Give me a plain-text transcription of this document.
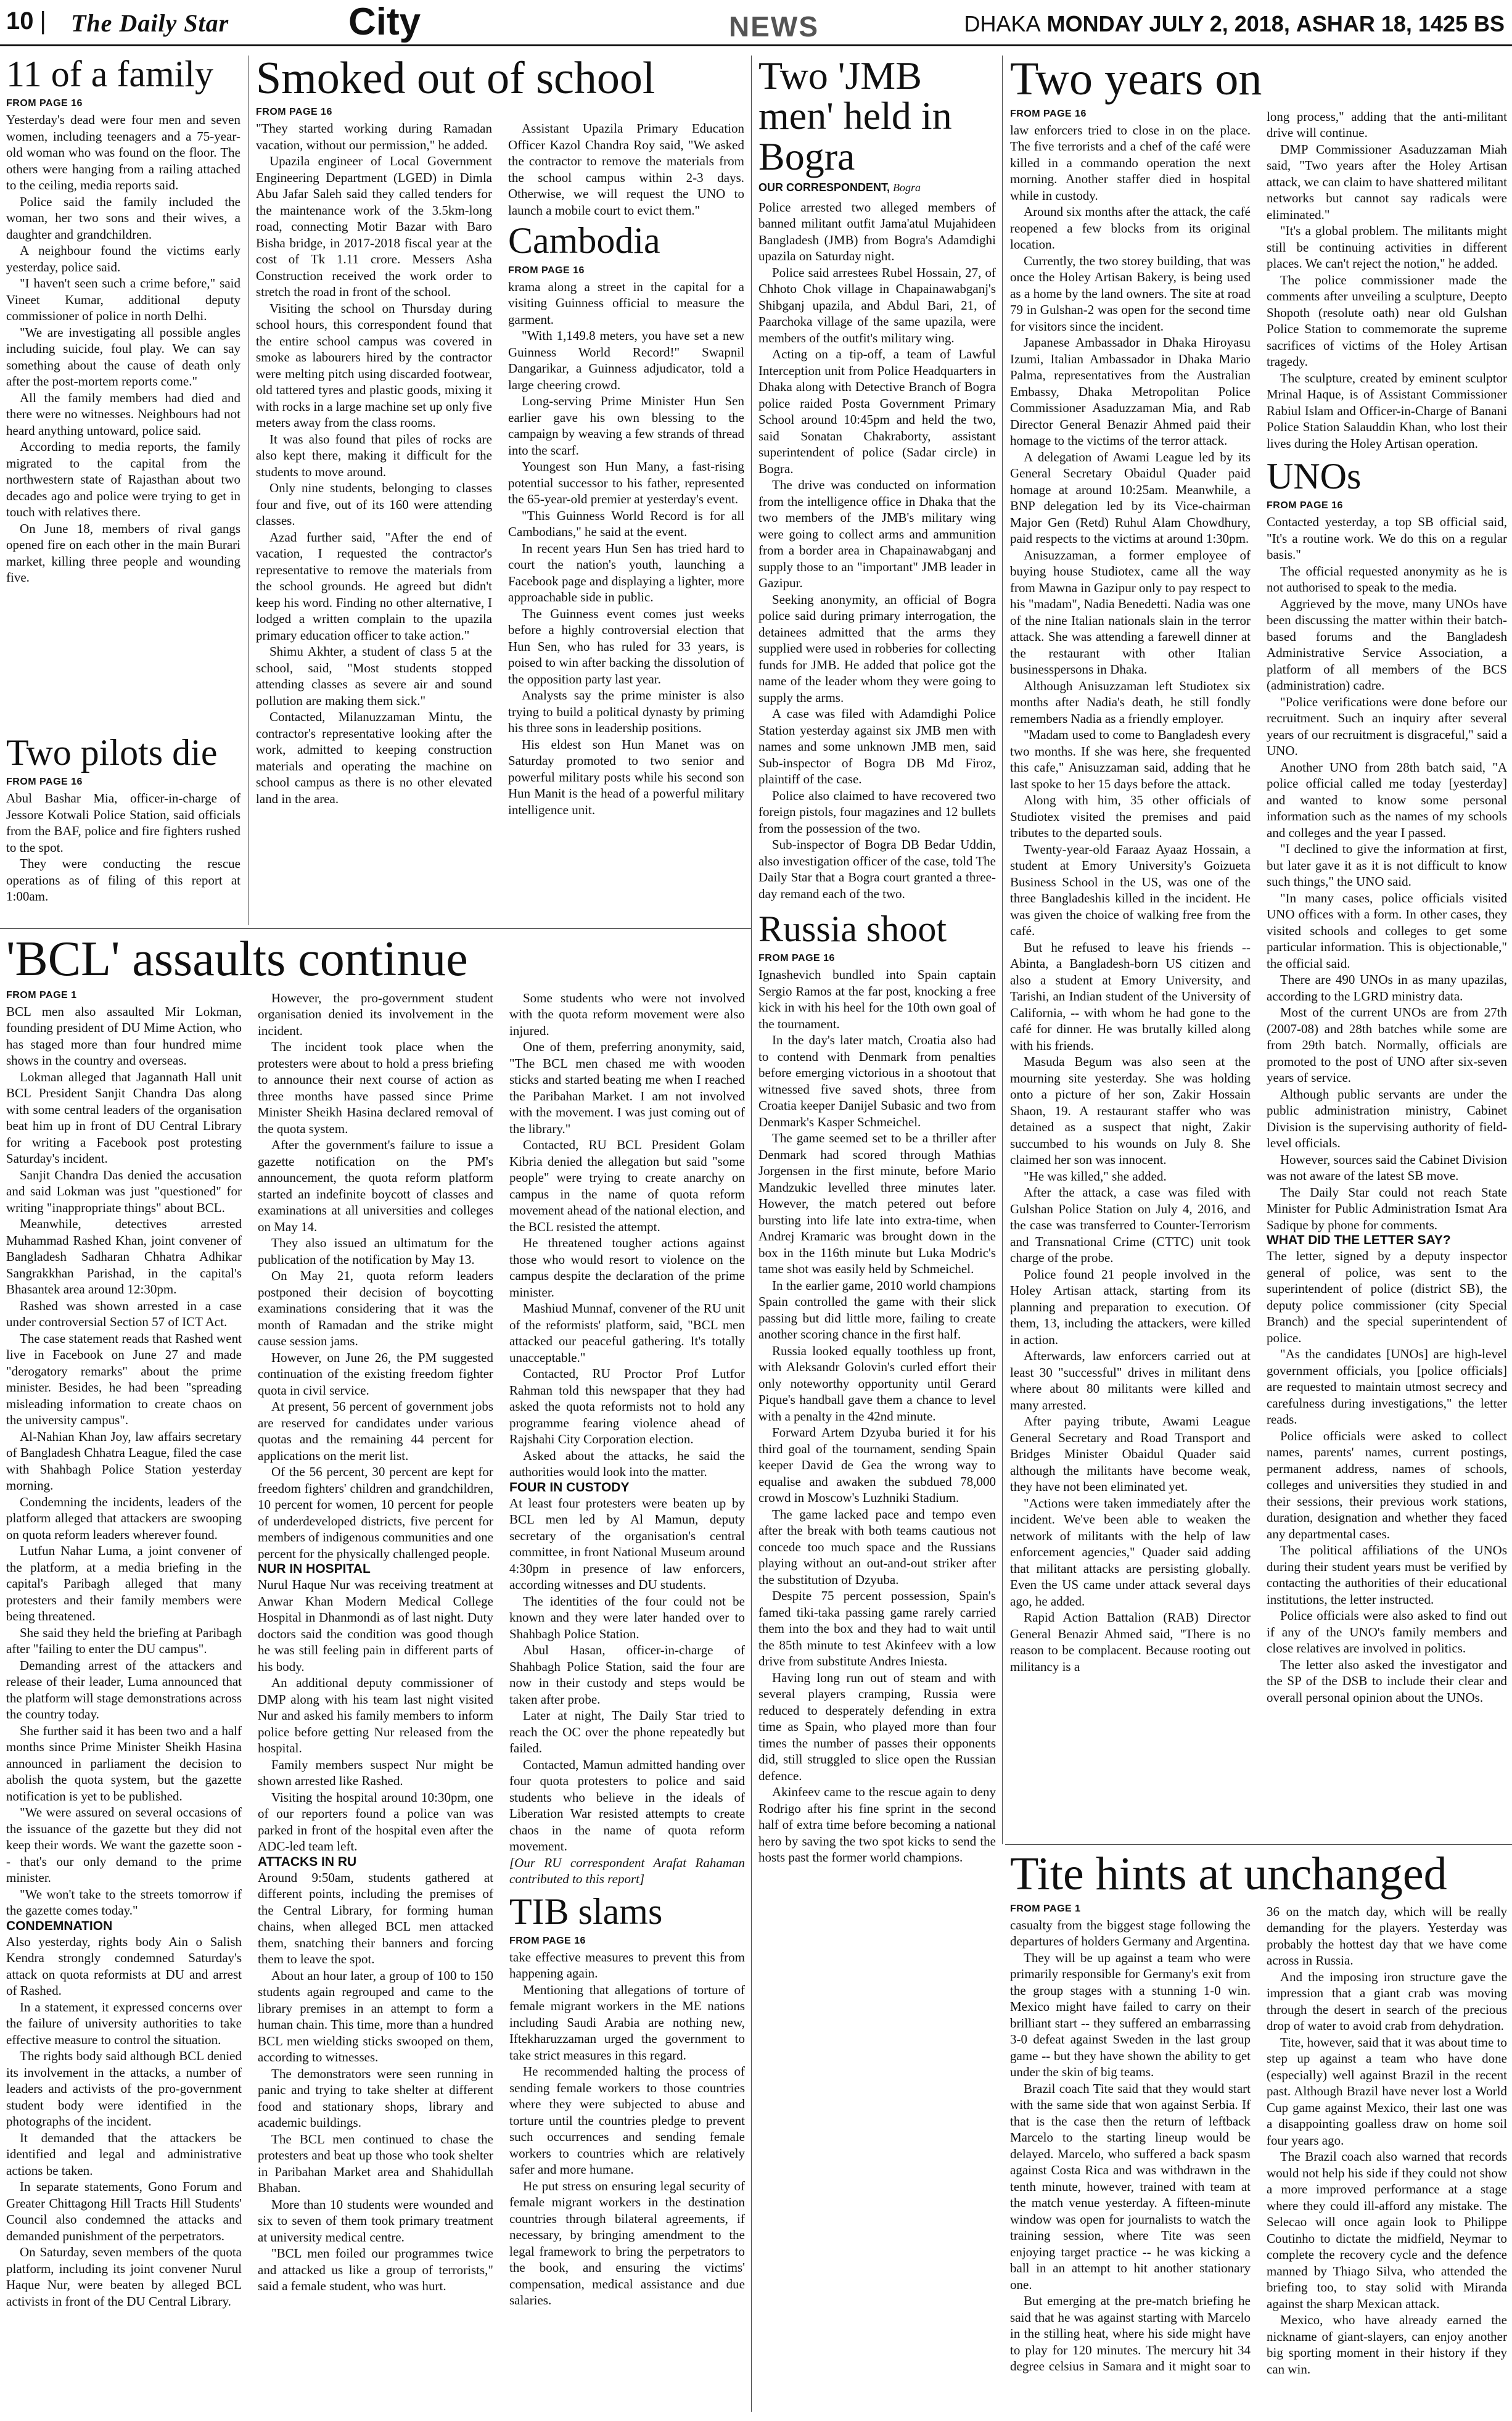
10 | The Daily Star	City	NEWS	DHAKA MONDAY JULY 2, 2018, ASHAR 18, 1425 BS
11 of a family
FROM PAGE 16

Yesterday's dead were four men and seven women, including teenagers and a 75-year-old woman who was found on the floor. The others were hanging from a railing attached to the ceiling, media reports said.

Police said the family included the woman, her two sons and their wives, a daughter and grandchildren.

A neighbour found the victims early yesterday, police said.

"I haven't seen such a crime before," said Vineet Kumar, additional deputy commissioner of police in north Delhi.

"We are investigating all possible angles including suicide, foul play. We can say something about the cause of death only after the post-mortem reports come."

All the family members had died and there were no witnesses. Neighbours had not heard anything untoward, police said.

According to media reports, the family migrated to the capital from the northwestern state of Rajasthan about two decades ago and police were trying to get in touch with relatives there.

On June 18, members of rival gangs opened fire on each other in the main Burari market, killing three people and wounding five.

Two pilots die
FROM PAGE 16

Abul Bashar Mia, officer-in-charge of Jessore Kotwali Police Station, said officials from the BAF, police and fire fighters rushed to the spot.

They were conducting the rescue operations as of filing of this report at 1:00am.

Smoked out of school
FROM PAGE 16

"They started working during Ramadan vacation, without our permission," he added.

Upazila engineer of Local Government Engineering Department (LGED) in Dimla Abu Jafar Saleh said they called tenders for the maintenance work of the 3.5km-long road, connecting Motir Bazar with Baro Bisha bridge, in 2017-2018 fiscal year at the cost of Tk 1.11 crore. Messers Asha Construction received the work order to stretch the road in front of the school.

Visiting the school on Thursday during school hours, this correspondent found that the entire school campus was covered in smoke as labourers hired by the contractor were melting pitch using discarded footwear, old tattered tyres and plastic goods, mixing it with rocks in a large machine set up only five meters away from the class rooms.

It was also found that piles of rocks are also kept there, making it difficult for the students to move around.

Only nine students, belonging to classes four and five, out of its 160 were attending classes.

Azad further said, "After the end of vacation, I requested the contractor's representative to remove the materials from the school grounds. He agreed but didn't keep his word. Finding no other alternative, I lodged a written complain to the upazila primary education officer to take action."

Shimu Akhter, a student of class 5 at the school, said, "Most students stopped attending classes as severe air and sound pollution are making them sick."

Contacted, Milanuzzaman Mintu, the contractor's representative looking after the work, admitted to keeping construction materials and operating the machine on school campus as there is no other elevated land in the area.

Assistant Upazila Primary Education Officer Kazol Chandra Roy said, "We asked the contractor to remove the materials from the school campus within 2-3 days. Otherwise, we will request the UNO to launch a mobile court to evict them."

Cambodia
FROM PAGE 16

krama along a street in the capital for a visiting Guinness official to measure the garment.

"With 1,149.8 meters, you have set a new Guinness World Record!" Swapnil Dangarikar, a Guinness adjudicator, told a large cheering crowd.

Long-serving Prime Minister Hun Sen earlier gave his own blessing to the campaign by weaving a few strands of thread into the scarf.

Youngest son Hun Many, a fast-rising potential successor to his father, represented the 65-year-old premier at yesterday's event.

"This Guinness World Record is for all Cambodians," he said at the event.

In recent years Hun Sen has tried hard to court the nation's youth, launching a Facebook page and displaying a lighter, more approachable side in public.

The Guinness event comes just weeks before a highly controversial election that Hun Sen, who has ruled for 33 years, is poised to win after backing the dissolution of the opposition party last year.

Analysts say the prime minister is also trying to build a political dynasty by priming his three sons in leadership positions.

His eldest son Hun Manet was on Saturday promoted to two senior and powerful military posts while his second son Hun Manit is the head of a powerful military intelligence unit.

Two 'JMB men' held in Bogra
OUR CORRESPONDENT, Bogra

Police arrested two alleged members of banned militant outfit Jama'atul Mujahideen Bangladesh (JMB) from Bogra's Adamdighi upazila on Saturday night.

Police said arrestees Rubel Hossain, 27, of Chhoto Chok village in Chapainawabganj's Shibganj upazila, and Abdul Bari, 21, of Paarchoka village of the same upazila, were members of the outfit's military wing.

Acting on a tip-off, a team of Lawful Interception unit from Police Headquarters in Dhaka along with Detective Branch of Bogra police raided Posta Government Primary School around 10:45pm and held the two, said Sonatan Chakraborty, assistant superintendent of police (Sadar circle) in Bogra.

The drive was conducted on information from the intelligence office in Dhaka that the two members of the JMB's military wing were going to collect arms and ammunition from a border area in Chapainawabganj and supply those to an "important" JMB leader in Gazipur.

Seeking anonymity, an official of Bogra police said during primary interrogation, the detainees admitted that the arms they supplied were used in robberies for collecting funds for JMB. He added that police got the name of the leader whom they were going to supply the arms.

A case was filed with Adamdighi Police Station yesterday against six JMB men with names and some unknown JMB men, said Sub-inspector of Bogra DB Md Firoz, plaintiff of the case.

Police also claimed to have recovered two foreign pistols, four magazines and 12 bullets from the possession of the two.

Sub-inspector of Bogra DB Bedar Uddin, also investigation officer of the case, told The Daily Star that a Bogra court granted a three-day remand each of the two.

Russia shoot
FROM PAGE 16

Ignashevich bundled into Spain captain Sergio Ramos at the far post, knocking a free kick in with his heel for the 10th own goal of the tournament.

In the day's later match, Croatia also had to contend with Denmark from penalties before emerging victorious in a shootout that witnessed five saved shots, three from Croatia keeper Danijel Subasic and two from Denmark's Kasper Schmeichel.

The game seemed set to be a thriller after Denmark had scored through Mathias Jorgensen in the first minute, before Mario Mandzukic levelled three minutes later. However, the match petered out before bursting into life late into extra-time, when Andrej Kramaric was brought down in the box in the 116th minute but Luka Modric's tame shot was easily held by Schmeichel.

In the earlier game, 2010 world champions Spain controlled the game with their slick passing but did little more, failing to create another scoring chance in the first half.

Russia looked equally toothless up front, with Aleksandr Golovin's curled effort their only noteworthy opportunity until Gerard Pique's handball gave them a chance to level with a penalty in the 42nd minute.

Forward Artem Dzyuba buried it for his third goal of the tournament, sending Spain keeper David de Gea the wrong way to equalise and awaken the subdued 78,000 crowd in Moscow's Luzhniki Stadium.

The game lacked pace and tempo even after the break with both teams cautious not concede too much space and the Russians playing without an out-and-out striker after the substitution of Dzyuba.

Despite 75 percent possession, Spain's famed tiki-taka passing game rarely carried them into the box and they had to wait until the 85th minute to test Akinfeev with a low drive from substitute Andres Iniesta.

Having long run out of steam and with several players cramping, Russia were reduced to desperately defending in extra time as Spain, who played more than four times the number of passes their opponents did, still struggled to slice open the Russian defence.

Akinfeev came to the rescue again to deny Rodrigo after his fine sprint in the second half of extra time before becoming a national hero by saving the two spot kicks to send the hosts past the former world champions.

Two years on
FROM PAGE 16

law enforcers tried to close in on the place. The five terrorists and a chef of the café were killed in a commando operation the next morning. Another staffer died in hospital while in custody.

Around six months after the attack, the café reopened a few blocks from its original location.

Currently, the two storey building, that was once the Holey Artisan Bakery, is being used as a home by the land owners. The site at road 79 in Gulshan-2 was open for the second time for visitors since the incident.

Japanese Ambassador in Dhaka Hiroyasu Izumi, Italian Ambassador in Dhaka Mario Palma, representatives from the Australian Embassy, Dhaka Metropolitan Police Commissioner Asaduzzaman Mia, and Rab Director General Benazir Ahmed paid their homage to the victims of the terror attack.

A delegation of Awami League led by its General Secretary Obaidul Quader paid homage at around 10:25am. Meanwhile, a BNP delegation led by its Vice-chairman Major Gen (Retd) Ruhul Alam Chowdhury, paid respects to the victims at around 1:30pm.

Anisuzzaman, a former employee of buying house Studiotex, came all the way from Mawna in Gazipur only to pay respect to his "madam", Nadia Benedetti. Nadia was one of the nine Italian nationals slain in the terror attack. She was attending a farewell dinner at the restaurant with other Italian businesspersons in Dhaka.

Although Anisuzzaman left Studiotex six months after Nadia's death, he still fondly remembers Nadia as a friendly employer.

"Madam used to come to Bangladesh every two months. If she was here, she frequented this cafe," Anisuzzaman said, adding that he last spoke to her 15 days before the attack.

Along with him, 35 other officials of Studiotex visited the premises and paid tributes to the departed souls.

Twenty-year-old Faraaz Ayaaz Hossain, a student at Emory University's Goizueta Business School in the US, was one of the three Bangladeshis killed in the incident. He was given the choice of walking free from the café.

But he refused to leave his friends -- Abinta, a Bangladesh-born US citizen and also a student at Emory University, and Tarishi, an Indian student of the University of California, -- with whom he had gone to the café for dinner. He was brutally killed along with his friends.

Masuda Begum was also seen at the mourning site yesterday. She was holding onto a picture of her son, Zakir Hossain Shaon, 19. A restaurant staffer who was detained as a suspect that night, Zakir succumbed to his wounds on July 8. She claimed her son was innocent.

"He was killed," she added.

After the attack, a case was filed with Gulshan Police Station on July 4, 2016, and the case was transferred to Counter-Terrorism and Transnational Crime (CTTC) unit took charge of the probe.

Police found 21 people involved in the Holey Artisan attack, starting from its planning and preparation to execution. Of them, 13, including the attackers, were killed in action.

Afterwards, law enforcers carried out at least 30 "successful" drives in militant dens where about 80 militants were killed and many arrested.

After paying tribute, Awami League General Secretary and Road Transport and Bridges Minister Obaidul Quader said although the militants have become weak, they have not been eliminated yet.

"Actions were taken immediately after the incident. We've been able to weaken the network of militants with the help of law enforcement agencies," Quader said adding that militant attacks are persisting globally. Even the US came under attack several days ago, he added.

Rapid Action Battalion (RAB) Director General Benazir Ahmed said, "There is no reason to be complacent. Because rooting out militancy is a

long process," adding that the anti-militant drive will continue.

DMP Commissioner Asaduzzaman Miah said, "Two years after the Holey Artisan attack, we can claim to have shattered militant networks but cannot say radicals were eliminated."

"It's a global problem. The militants might still be continuing activities in different places. We can't reject the notion," he added.

The police commissioner made the comments after unveiling a sculpture, Deepto Shopoth (resolute oath) near old Gulshan Police Station to commemorate the supreme sacrifices of victims of the Holey Artisan tragedy.

The sculpture, created by eminent sculptor Mrinal Haque, is of Assistant Commissioner Rabiul Islam and Officer-in-Charge of Banani Police Station Salauddin Khan, who lost their lives during the Holey Artisan operation.

UNOs
FROM PAGE 16

Contacted yesterday, a top SB official said, "It's a routine work. We do this on a regular basis."

The official requested anonymity as he is not authorised to speak to the media.

Aggrieved by the move, many UNOs have been discussing the matter within their batch-based forums and the Bangladesh Administrative Service Association, a platform of all members of the BCS (administration) cadre.

"Police verifications were done before our recruitment. Such an inquiry after several years of our recruitment is disgraceful," said a UNO.

Another UNO from 28th batch said, "A police official called me today [yesterday] and wanted to know some personal information such as the names of my schools and colleges and the year I passed.

"I declined to give the information at first, but later gave it as it is not difficult to know such things," the UNO said.

"In many cases, police officials visited UNO offices with a form. In other cases, they visited schools and colleges to get some particular information. This is objectionable," the official said.

There are 490 UNOs in as many upazilas, according to the LGRD ministry data.

Most of the current UNOs are from 27th (2007-08) and 28th batches while some are from 29th batch. Normally, officials are promoted to the post of UNO after six-seven years of service.

Although public servants are under the public administration ministry, Cabinet Division is the supervising authority of field-level officials.

However, sources said the Cabinet Division was not aware of the latest SB move.

The Daily Star could not reach State Minister for Public Administration Ismat Ara Sadique by phone for comments.

WHAT DID THE LETTER SAY?

The letter, signed by a deputy inspector general of police, was sent to the superintendent of police (district SB), the deputy police commissioner (city Special Branch) and the special superintendent of police.

"As the candidates [UNOs] are high-level government officials, you [police officials] are requested to maintain utmost secrecy and carefulness during investigations," the letter reads.

Police officials were asked to collect names, parents' names, current postings, permanent address, names of schools, colleges and universities they studied in and their sessions, their previous work stations, duration, designation and whether they faced any departmental cases.

The political affiliations of the UNOs during their student years must be verified by contacting the authorities of their educational institutions, the letter instructed.

Police officials were also asked to find out if any of the UNO's family members and close relatives are involved in politics.

The letter also asked the investigator and the SP of the DSB to include their clear and overall personal opinion about the UNOs.

'BCL' assaults continue
FROM PAGE 1

BCL men also assaulted Mir Lokman, founding president of DU Mime Action, who has staged more than four hundred mime shows in the country and overseas.

Lokman alleged that Jagannath Hall unit BCL President Sanjit Chandra Das along with some central leaders of the organisation beat him up in front of DU Central Library for writing a Facebook post protesting Saturday's incident.

Sanjit Chandra Das denied the accusation and said Lokman was just "questioned" for writing "inappropriate things" about BCL.

Meanwhile, detectives arrested Muhammad Rashed Khan, joint convener of Bangladesh Sadharan Chhatra Adhikar Sangrakkhan Parishad, in the capital's Bhasantek area around 12:30pm.

Rashed was shown arrested in a case under controversial Section 57 of ICT Act.

The case statement reads that Rashed went live in Facebook on June 27 and made "derogatory remarks" about the prime minister. Besides, he had been "spreading misleading information to create chaos on the university campus".

Al-Nahian Khan Joy, law affairs secretary of Bangladesh Chhatra League, filed the case with Shahbagh Police Station yesterday morning.

Condemning the incidents, leaders of the platform alleged that attackers are swooping on quota reform leaders wherever found.

Lutfun Nahar Luma, a joint convener of the platform, at a media briefing in the capital's Paribagh alleged that many protesters and their family members were being threatened.

She said they held the briefing at Paribagh after "failing to enter the DU campus".

Demanding arrest of the attackers and release of their leader, Luma announced that the platform will stage demonstrations across the country today.

She further said it has been two and a half months since Prime Minister Sheikh Hasina announced in parliament the decision to abolish the quota system, but the gazette notification is yet to be published.

"We were assured on several occasions of the issuance of the gazette but they did not keep their words. We want the gazette soon -- that's our only demand to the prime minister.

"We won't take to the streets tomorrow if the gazette comes today."

CONDEMNATION

Also yesterday, rights body Ain o Salish Kendra strongly condemned Saturday's attack on quota reformists at DU and arrest of Rashed.

In a statement, it expressed concerns over the failure of university authorities to take effective measure to control the situation.

The rights body said although BCL denied its involvement in the attacks, a number of leaders and activists of the pro-government student body were identified in the photographs of the incident.

It demanded that the attackers be identified and legal and administrative actions be taken.

In separate statements, Gono Forum and Greater Chittagong Hill Tracts Hill Students' Council also condemned the attacks and demanded punishment of the perpetrators.

On Saturday, seven members of the quota platform, including its joint convener Nurul Haque Nur, were beaten by alleged BCL activists in front of the DU Central Library.

However, the pro-government student organisation denied its involvement in the incident.

The incident took place when the protesters were about to hold a press briefing to announce their next course of action as three months have passed since Prime Minister Sheikh Hasina declared removal of the quota system.

After the government's failure to issue a gazette notification on the PM's announcement, the quota reform platform started an indefinite boycott of classes and examinations at all universities and colleges on May 14.

They also issued an ultimatum for the publication of the notification by May 13.

On May 21, quota reform leaders postponed their decision of boycotting examinations considering that it was the month of Ramadan and the strike might cause session jams.

However, on June 26, the PM suggested continuation of the existing freedom fighter quota in civil service.

At present, 56 percent of government jobs are reserved for candidates under various quotas and the remaining 44 percent for applications on the merit list.

Of the 56 percent, 30 percent are kept for freedom fighters' children and grandchildren, 10 percent for women, 10 percent for people of underdeveloped districts, five percent for members of indigenous communities and one percent for the physically challenged people.

NUR IN HOSPITAL

Nurul Haque Nur was receiving treatment at Anwar Khan Modern Medical College Hospital in Dhanmondi as of last night. Duty doctors said the condition was good though he was still feeling pain in different parts of his body.

An additional deputy commissioner of DMP along with his team last night visited Nur and asked his family members to inform police before getting Nur released from the hospital.

Family members suspect Nur might be shown arrested like Rashed.

Visiting the hospital around 10:30pm, one of our reporters found a police van was parked in front of the hospital even after the ADC-led team left.

ATTACKS IN RU

Around 9:50am, students gathered at different points, including the premises of the Central Library, for forming human chains, when alleged BCL men attacked them, snatching their banners and forcing them to leave the spot.

About an hour later, a group of 100 to 150 students again regrouped and came to the library premises in an attempt to form a human chain. This time, more than a hundred BCL men wielding sticks swooped on them, according to witnesses.

The demonstrators were seen running in panic and trying to take shelter at different food and stationary shops, library and academic buildings.

The BCL men continued to chase the protesters and beat up those who took shelter in Paribahan Market area and Shahidullah Bhaban.

More than 10 students were wounded and six to seven of them took primary treatment at university medical centre.

"BCL men foiled our programmes twice and attacked us like a group of terrorists," said a female student, who was hurt.

Some students who were not involved with the quota reform movement were also injured.

One of them, preferring anonymity, said, "The BCL men chased me with wooden sticks and started beating me when I reached the Paribahan Market. I am not involved with the movement. I was just coming out of the library."

Contacted, RU BCL President Golam Kibria denied the allegation but said "some people" were trying to create anarchy on campus in the name of quota reform movement ahead of the national election, and the BCL resisted the attempt.

He threatened tougher actions against those who would resort to violence on the campus despite the declaration of the prime minister.

Mashiud Munnaf, convener of the RU unit of the reformists' platform, said, "BCL men attacked our peaceful gathering. It's totally unacceptable."

Contacted, RU Proctor Prof Lutfor Rahman told this newspaper that they had asked the quota reformists not to hold any programme fearing violence ahead of Rajshahi City Corporation election.

Asked about the attacks, he said the authorities would look into the matter.

FOUR IN CUSTODY

At least four protesters were beaten up by BCL men led by Al Mamun, deputy secretary of the organisation's central committee, in front National Museum around 4:30pm in presence of law enforcers, according witnesses and DU students.

The identities of the four could not be known and they were later handed over to Shahbagh Police Station.

Abul Hasan, officer-in-charge of Shahbagh Police Station, said the four are now in their custody and steps would be taken after probe.

Later at night, The Daily Star tried to reach the OC over the phone repeatedly but failed.

Contacted, Mamun admitted handing over four quota protesters to police and said students who believe in the ideals of Liberation War resisted attempts to create chaos in the name of quota reform movement.

[Our RU correspondent Arafat Rahaman contributed to this report]

TIB slams
FROM PAGE 16

take effective measures to prevent this from happening again.

Mentioning that allegations of torture of female migrant workers in the ME nations including Saudi Arabia are nothing new, Iftekharuzzaman urged the government to take strict measures in this regard.

He recommended halting the process of sending female workers to those countries where they were subjected to abuse and torture until the countries pledge to prevent such occurrences and sending female workers to countries which are relatively safer and more humane.

He put stress on ensuring legal security of female migrant workers in the destination countries through bilateral agreements, if necessary, by bringing amendment to the legal framework to bring the perpetrators to the book, and ensuring the victims' compensation, medical assistance and due salaries.

Tite hints at unchanged
FROM PAGE 1

casualty from the biggest stage following the departures of holders Germany and Argentina.

They will be up against a team who were primarily responsible for Germany's exit from the group stages with a stunning 1-0 win. Mexico might have failed to carry on their brilliant start -- they suffered an embarrassing 3-0 defeat against Sweden in the last group game -- but they have shown the ability to get under the skin of big teams.

Brazil coach Tite said that they would start with the same side that won against Serbia. If that is the case then the return of leftback Marcelo to the starting lineup would be delayed. Marcelo, who suffered a back spasm against Costa Rica and was withdrawn in the tenth minute, however, trained with team at the match venue yesterday. A fifteen-minute window was open for journalists to watch the training session, where Tite was seen enjoying target practice -- he was kicking a ball in an attempt to hit another stationary one.

But emerging at the pre-match briefing he said that he was against starting with Marcelo in the stilling heat, where his side might have to play for 120 minutes. The mercury hit 34 degree celsius in Samara and it might soar to 36 on the match day, which will be really demanding for the players. Yesterday was probably the hottest day that we have come across in Russia.

And the imposing iron structure gave the impression that a giant crab was moving through the desert in search of the precious drop of water to avoid crab from dehydration.

Tite, however, said that it was about time to step up against a team who have done (especially) well against Brazil in the recent past. Although Brazil have never lost a World Cup game against Mexico, their last one was a disappointing goalless draw on home soil four years ago.

The Brazil coach also warned that records would not help his side if they could not show a more improved performance at a stage where they could ill-afford any mistake. The Selecao will once again look to Philippe Coutinho to dictate the midfield, Neymar to complete the recovery cycle and the defence manned by Thiago Silva, who attended the briefing too, to stay solid with Miranda against the sharp Mexican attack.

Mexico, who have already earned the nickname of giant-slayers, can enjoy another big sporting moment in their history if they can win.
